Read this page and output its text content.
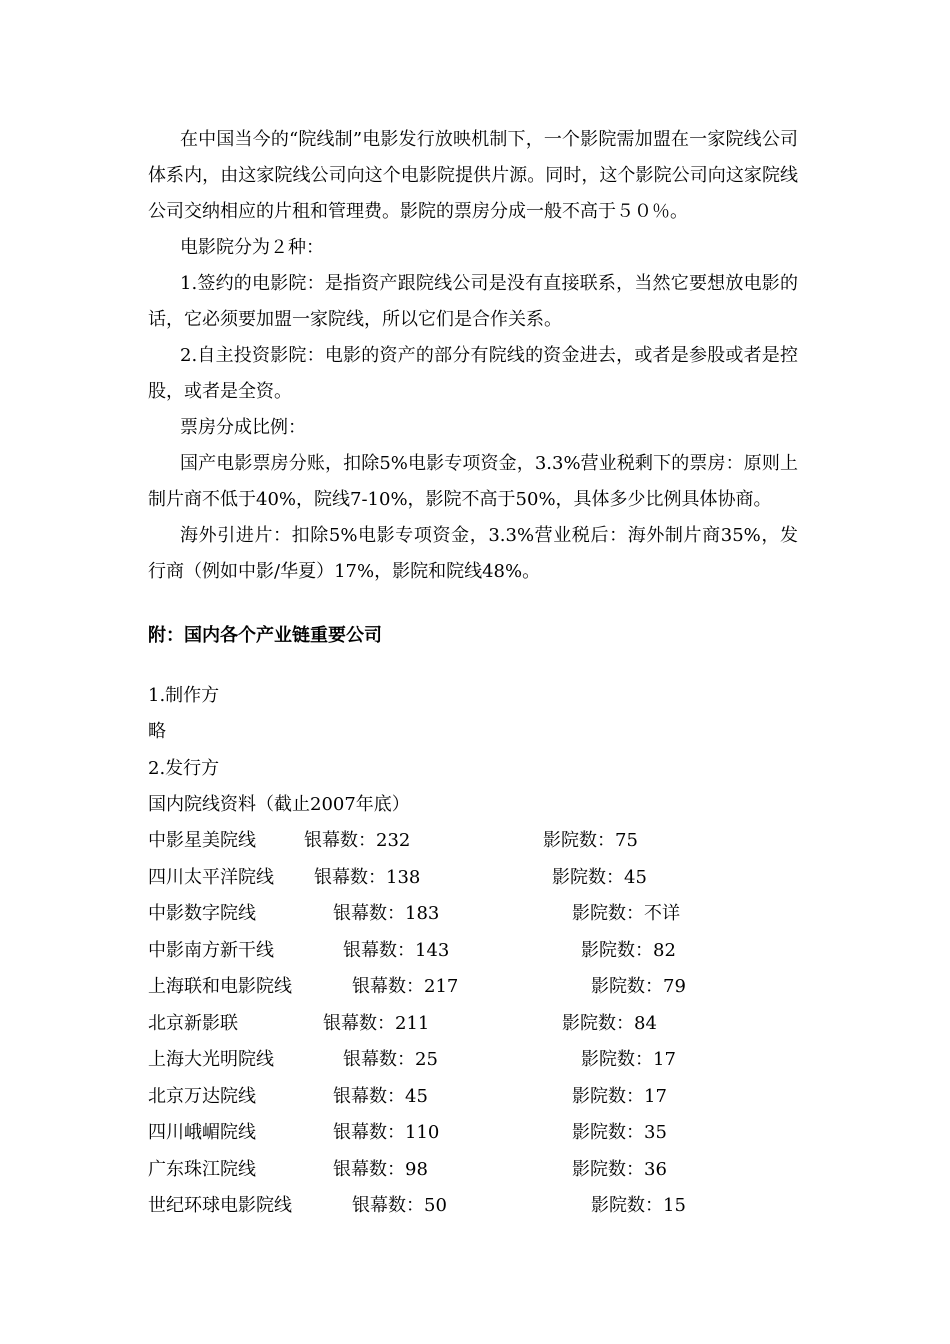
在中国当今的“院线制”电影发行放映机制下，一个影院需加盟在一家院线公司体系内，由这家院线公司向这个电影院提供片源。同时，这个影院公司向这家院线公司交纳相应的片租和管理费。影院的票房分成一般不高于５０％。

电影院分为２种：

1.签约的电影院：是指资产跟院线公司是没有直接联系，当然它要想放电影的话，它必须要加盟一家院线，所以它们是合作关系。

2.自主投资影院：电影的资产的部分有院线的资金进去，或者是参股或者是控股，或者是全资。

票房分成比例：

国产电影票房分账，扣除5%电影专项资金，3.3%营业税剩下的票房：原则上制片商不低于40%，院线7-10%，影院不高于50%，具体多少比例具体协商。

海外引进片：扣除5%电影专项资金，3.3%营业税后：海外制片商35%，发行商（例如中影/华夏）17%，影院和院线48%。

附：国内各个产业链重要公司
1.制作方
略
2.发行方
国内院线资料（截止2007年底）
中影星美院线	银幕数：232	影院数：75
四川太平洋院线 银幕数：138	影院数：45
中影数字院线	银幕数：183	影院数：不详
中影南方新干线	银幕数：143	影院数：82
上海联和电影院线	银幕数：217	影院数：79
北京新影联	银幕数：211	影院数：84
上海大光明院线	银幕数：25	影院数：17
北京万达院线	银幕数：45	影院数：17
四川峨嵋院线	银幕数：110	影院数：35
广东珠江院线	银幕数：98	影院数：36
世纪环球电影院线	银幕数：50	影院数：15
